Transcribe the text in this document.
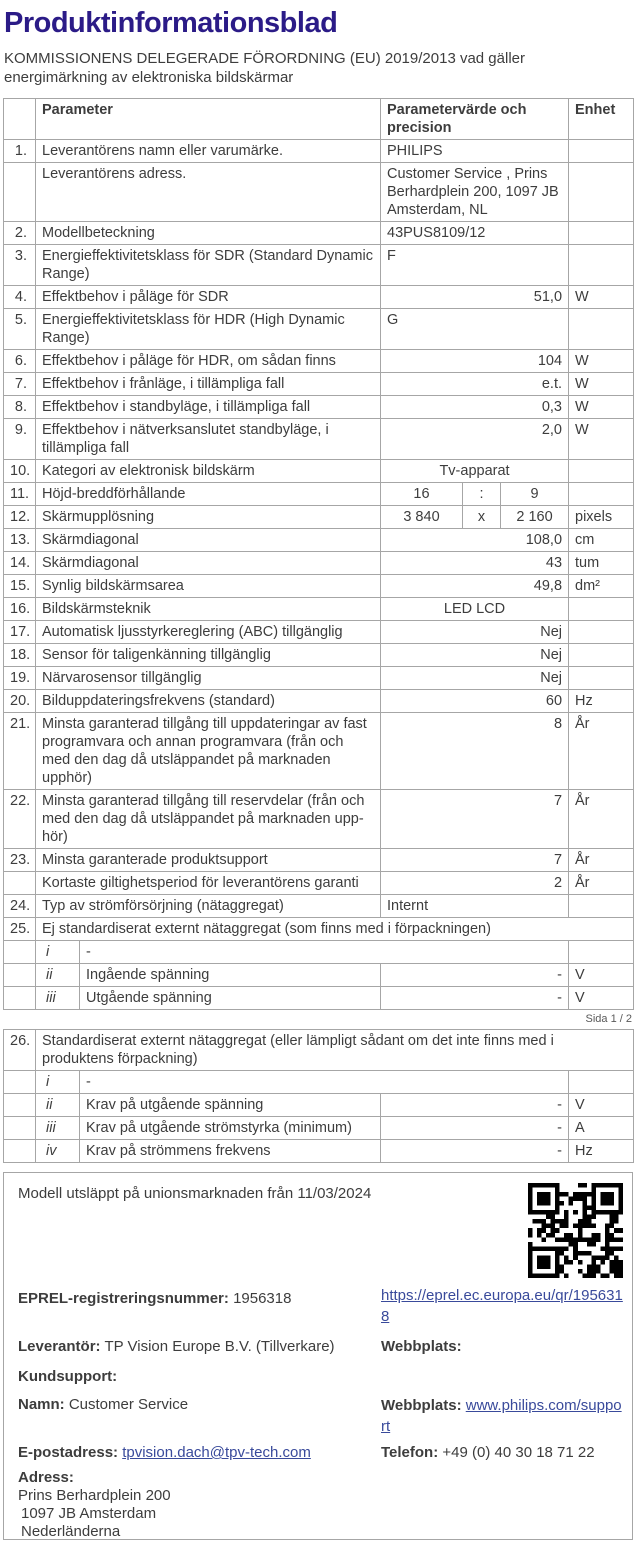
Produktinformationsblad

KOMMISSIONENS DELEGERADE FÖRORDNING (EU) 2019/2013 vad gäller energimärkning av elektroniska bildskärmar

	Parameter		Parametervärde och precision			Enhet
1.	Leverantörens namn eller varumärke.		PHILIPS			
	Leverantörens adress.		Customer Service , Prins Berhardplein 200, 1097 JB Amsterdam, NL			
2.	Modellbeteckning		43PUS8109/12			
3.	Energieffektivitetsklass för SDR (Standard Dynamic Range)		F			
4.	Effektbehov i påläge för SDR		51,0			W
5.	Energieffektivitetsklass för HDR (High Dynamic Range)		G			
6.	Effektbehov i påläge för HDR, om sådan finns		104			W
7.	Effektbehov i frånläge, i tillämpliga fall		e.t.			W
8.	Effektbehov i standbyläge, i tillämpliga fall		0,3			W
9.	Effektbehov i nätverksanslutet standbyläge, i tillämpliga fall		2,0			W
10.	Kategori av elektronisk bildskärm		Tv-apparat			
11.	Höjd-breddförhållande		16	:	9	
12.	Skärmupplösning		3 840	x	2 160	pixels
13.	Skärmdiagonal		108,0			cm
14.	Skärmdiagonal		43			tum
15.	Synlig bildskärmsarea		49,8			dm²
16.	Bildskärmsteknik		LED LCD			
17.	Automatisk ljusstyrkereglering (ABC) tillgänglig		Nej			
18.	Sensor för taligenkänning tillgänglig		Nej			
19.	Närvarosensor tillgänglig		Nej			
20.	Bilduppdateringsfrekvens (standard)		60			Hz
21.	Minsta garanterad tillgång till uppdateringar av fast programvara och annan programvara (från och med den dag då utsläppandet på marknaden upphör)		8			År
22.	Minsta garanterad tillgång till reservdelar (från och med den dag då utsläppandet på marknaden upphör)		7			År
23.	Minsta garanterade produktsupport		7			År
	Kortaste giltighetsperiod för leverantörens garanti		2			År
24.	Typ av strömförsörjning (nätaggregat)		Internt			
25.	Ej standardiserat externt nätaggregat (som finns med i förpackningen)					
	i	-				
	ii	Ingående spänning	-			V
	iii	Utgående spänning	-			V
Sida 1 / 2
26.	Standardiserat externt nätaggregat (eller lämpligt sådant om det inte finns med i produktens förpackning)			
	i	-		
	ii	Krav på utgående spänning	-	V
	iii	Krav på utgående strömstyrka (minimum)	-	A
	iv	Krav på strömmens frekvens	-	Hz
Modell utsläppt på unionsmarknaden från 11/03/2024
EPREL-registreringsnummer: 1956318	https://eprel.ec.europa.eu/qr/1956318
Leverantör: TP Vision Europe B.V. (Tillverkare)	Webbplats:
Kundsupport:
Namn: Customer Service	Webbplats: www.philips.com/support
E-postadress: tpvision.dach@tpv-tech.com	Telefon: +49 (0) 40 30 18 71 22
Adress:
Prins Berhardplein 200
1097 JB Amsterdam
Nederländerna
